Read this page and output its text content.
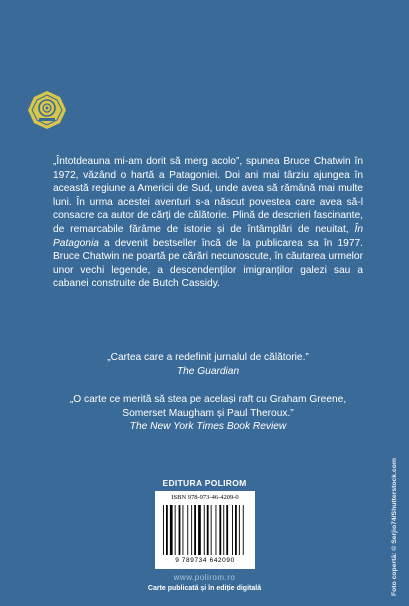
„Întotdeauna mi-am dorit să merg acolo”, spunea Bruce Chatwin în 1972, văzând o hartă a Patagoniei. Doi ani mai târziu ajungea în această regiune a Americii de Sud, unde avea să rămână mai multe luni. În urma acestei aventuri s-a născut povestea care avea să-l consacre ca autor de cărți de călătorie. Plină de descrieri fascinante, de remarcabile fărâme de istorie și de întâmplări de neuitat, În Patagonia a devenit bestseller încă de la publicarea sa în 1977. Bruce Chatwin ne poartă pe cărări necunoscute, în căutarea urmelor unor vechi legende, a descendenților imigranților galezi sau a cabanei construite de Butch Cassidy.
„Cartea care a redefinit jurnalul de călătorie.”
The Guardian
„O carte ce merită să stea pe același raft cu Graham Greene, Somerset Maugham și Paul Theroux.”
The New York Times Book Review
EDITURA POLIROM
ISBN 978-973-46-4209-0
9 789734 642090
www.polirom.ro
Carte publicată și în ediție digitală	Foto copertă: © Serjio74/Shutterstock.com
